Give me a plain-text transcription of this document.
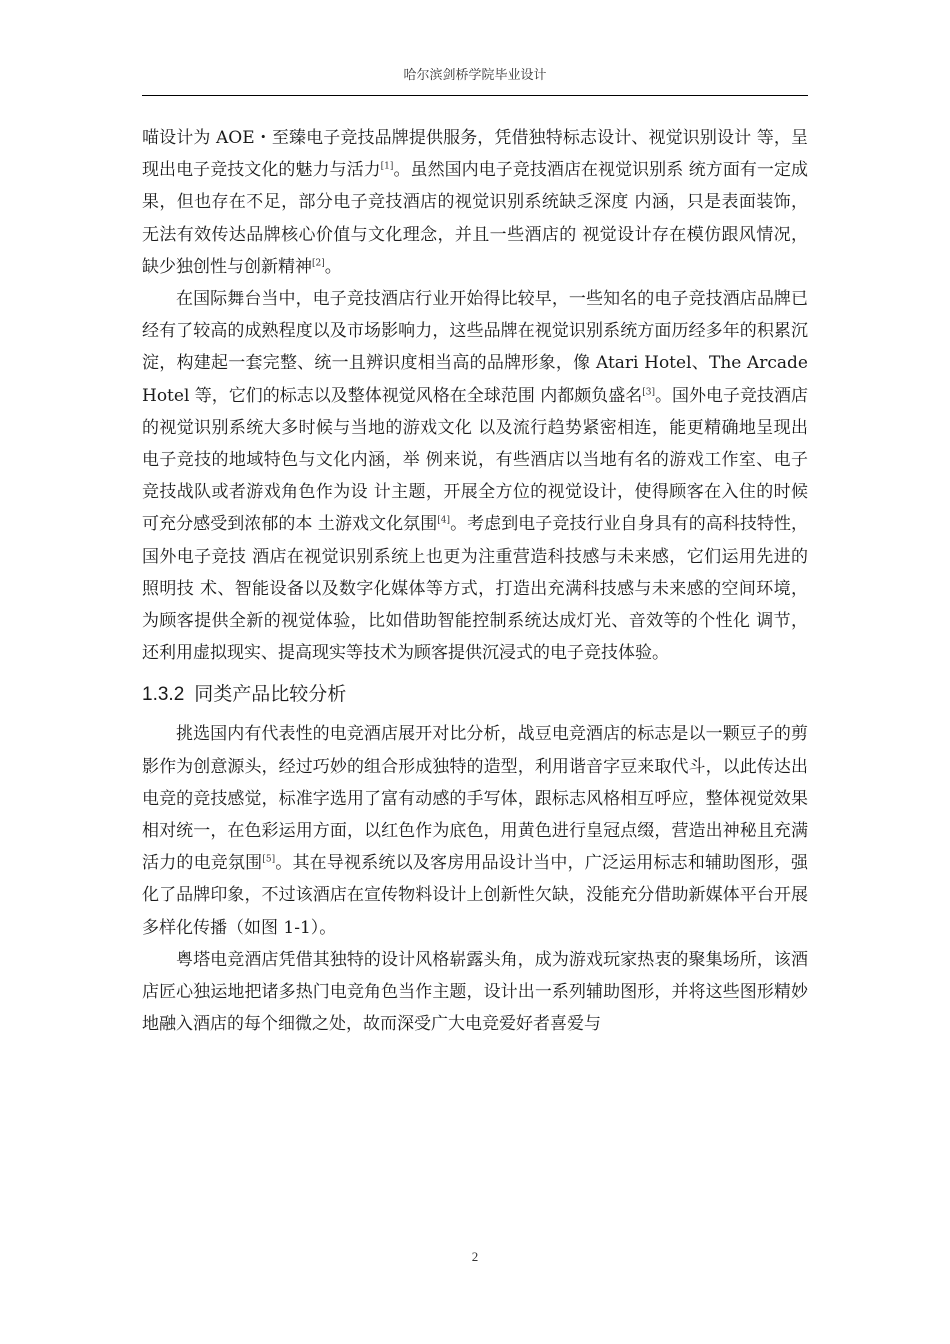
哈尔滨剑桥学院毕业设计

喵设计为 AOE・至臻电子竞技品牌提供服务，凭借独特标志设计、视觉识别设计 等，呈现出电子竞技文化的魅力与活力[1]。虽然国内电子竞技酒店在视觉识别系 统方面有一定成果，但也存在不足，部分电子竞技酒店的视觉识别系统缺乏深度 内涵，只是表面装饰，无法有效传达品牌核心价值与文化理念，并且一些酒店的 视觉设计存在模仿跟风情况，缺少独创性与创新精神[2]。

在国际舞台当中，电子竞技酒店行业开始得比较早，一些知名的电子竞技酒店品牌已经有了较高的成熟程度以及市场影响力，这些品牌在视觉识别系统方面历经多年的积累沉淀，构建起一套完整、统一且辨识度相当高的品牌形象，像 Atari Hotel、The Arcade Hotel 等，它们的标志以及整体视觉风格在全球范围 内都颇负盛名[3]。国外电子竞技酒店的视觉识别系统大多时候与当地的游戏文化 以及流行趋势紧密相连，能更精确地呈现出电子竞技的地域特色与文化内涵，举 例来说，有些酒店以当地有名的游戏工作室、电子竞技战队或者游戏角色作为设 计主题，开展全方位的视觉设计，使得顾客在入住的时候可充分感受到浓郁的本 土游戏文化氛围[4]。考虑到电子竞技行业自身具有的高科技特性，国外电子竞技 酒店在视觉识别系统上也更为注重营造科技感与未来感，它们运用先进的照明技 术、智能设备以及数字化媒体等方式，打造出充满科技感与未来感的空间环境， 为顾客提供全新的视觉体验，比如借助智能控制系统达成灯光、音效等的个性化 调节，还利用虚拟现实、提高现实等技术为顾客提供沉浸式的电子竞技体验。

1.3.2 同类产品比较分析

挑选国内有代表性的电竞酒店展开对比分析，战豆电竞酒店的标志是以一颗豆子的剪影作为创意源头，经过巧妙的组合形成独特的造型，利用谐音字豆来取代斗，以此传达出电竞的竞技感觉，标准字选用了富有动感的手写体，跟标志风格相互呼应，整体视觉效果相对统一，在色彩运用方面，以红色作为底色，用黄色进行皇冠点缀，营造出神秘且充满活力的电竞氛围[5]。其在导视系统以及客房用品设计当中，广泛运用标志和辅助图形，强化了品牌印象，不过该酒店在宣传物料设计上创新性欠缺，没能充分借助新媒体平台开展多样化传播（如图 1-1）。

粤塔电竞酒店凭借其独特的设计风格崭露头角，成为游戏玩家热衷的聚集场所，该酒店匠心独运地把诸多热门电竞角色当作主题，设计出一系列辅助图形，并将这些图形精妙地融入酒店的每个细微之处，故而深受广大电竞爱好者喜爱与

2
